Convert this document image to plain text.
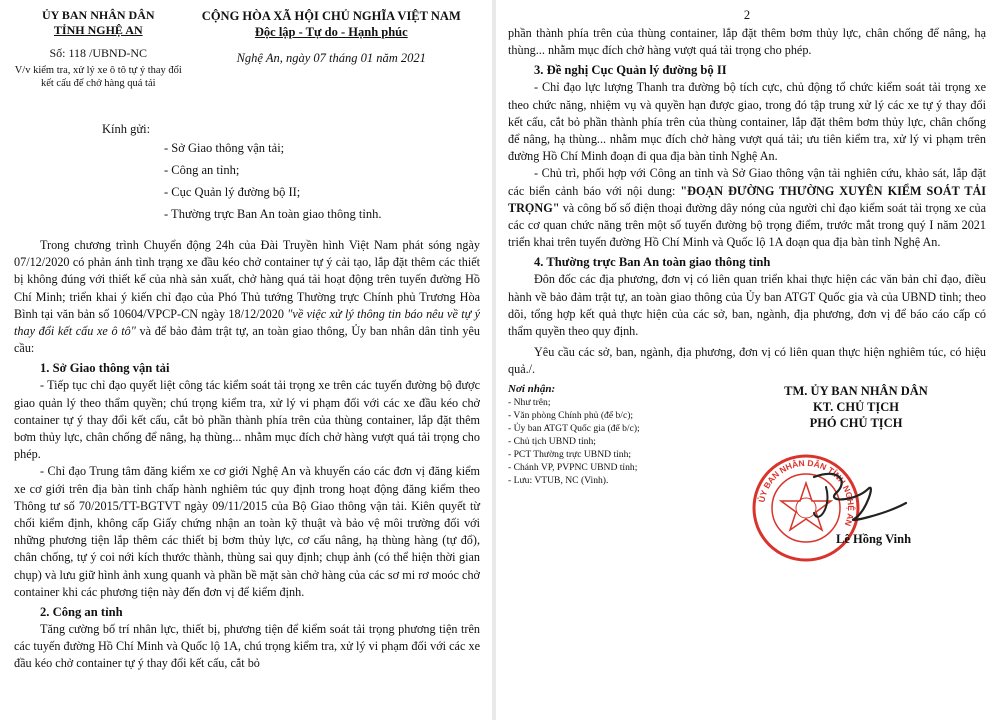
ỦY BAN NHÂN DÂN
TỈNH NGHỆ AN
Số: 118 /UBND-NC
V/v kiểm tra, xử lý xe ô tô tự ý thay đổi kết cấu để chở hàng quá tải
CỘNG HÒA XÃ HỘI CHỦ NGHĨA VIỆT NAM
Độc lập - Tự do - Hạnh phúc
Nghệ An, ngày 07 tháng 01 năm 2021
Kính gửi:
- Sở Giao thông vận tải;
- Công an tỉnh;
- Cục Quản lý đường bộ II;
- Thường trực Ban An toàn giao thông tỉnh.

Trong chương trình Chuyển động 24h của Đài Truyền hình Việt Nam phát sóng ngày 07/12/2020 có phản ánh tình trạng xe đầu kéo chở container tự ý cải tạo, lắp đặt thêm các thiết bị không đúng với thiết kế của nhà sản xuất, chở hàng quá tải hoạt động trên tuyến đường Hồ Chí Minh; triển khai ý kiến chỉ đạo của Phó Thủ tướng Thường trực Chính phủ Trương Hòa Bình tại văn bản số 10604/VPCP-CN ngày 18/12/2020 "về việc xử lý thông tin báo nêu về tự ý thay đổi kết cấu xe ô tô" và để bảo đảm trật tự, an toàn giao thông, Ủy ban nhân dân tỉnh yêu cầu:

1. Sở Giao thông vận tải

- Tiếp tục chỉ đạo quyết liệt công tác kiểm soát tải trọng xe trên các tuyến đường bộ được giao quản lý theo thẩm quyền; chú trọng kiểm tra, xử lý vi phạm đối với các xe đầu kéo chở container tự ý thay đổi kết cấu, cắt bỏ phần thành phía trên của thùng container, lắp đặt thêm bơm thủy lực, chân chống để nâng, hạ thùng... nhằm mục đích chở hàng vượt quá tải trọng cho phép.

- Chỉ đạo Trung tâm đăng kiểm xe cơ giới Nghệ An và khuyến cáo các đơn vị đăng kiểm xe cơ giới trên địa bàn tỉnh chấp hành nghiêm túc quy định trong hoạt động đăng kiểm theo Thông tư số 70/2015/TT-BGTVT ngày 09/11/2015 của Bộ Giao thông vận tải. Kiên quyết từ chối kiểm định, không cấp Giấy chứng nhận an toàn kỹ thuật và bảo vệ môi trường đối với những phương tiện lắp thêm các thiết bị bơm thủy lực, cơ cấu nâng, hạ thùng hàng (tự đổ), chân chống, tự ý coi nới kích thước thành, thùng sai quy định; chụp ảnh (có thể hiện thời gian chụp) và lưu giữ hình ảnh xung quanh và phần bề mặt sàn chở hàng của các sơ mi rơ moóc chở container khi các phương tiện này đến đơn vị để kiểm định.

2. Công an tỉnh

Tăng cường bố trí nhân lực, thiết bị, phương tiện để kiểm soát tải trọng phương tiện trên các tuyến đường Hồ Chí Minh và Quốc lộ 1A, chú trọng kiểm tra, xử lý vi phạm đối với các xe đầu kéo chở container tự ý thay đổi kết cấu, cắt bỏ

2

phần thành phía trên của thùng container, lắp đặt thêm bơm thủy lực, chân chống để nâng, hạ thùng... nhằm mục đích chở hàng vượt quá tải trọng cho phép.

3. Đề nghị Cục Quản lý đường bộ II

- Chỉ đạo lực lượng Thanh tra đường bộ tích cực, chủ động tổ chức kiểm soát tải trọng xe theo chức năng, nhiệm vụ và quyền hạn được giao, trong đó tập trung xử lý các xe tự ý thay đổi kết cấu, cắt bỏ phần thành phía trên của thùng container, lắp đặt thêm bơm thủy lực, chân chống để nâng, hạ thùng... nhằm mục đích chở hàng vượt quá tải; ưu tiên kiểm tra, xử lý vi phạm trên đường Hồ Chí Minh đoạn đi qua địa bàn tỉnh Nghệ An.

- Chủ trì, phối hợp với Công an tỉnh và Sở Giao thông vận tải nghiên cứu, khảo sát, lắp đặt các biển cảnh báo với nội dung: "ĐOẠN ĐƯỜNG THƯỜNG XUYÊN KIỂM SOÁT TẢI TRỌNG" và công bố số điện thoại đường dây nóng của người chỉ đạo kiểm soát tải trọng xe của các cơ quan chức năng trên một số tuyến đường bộ trọng điểm, trước mắt trong quý I năm 2021 triển khai trên tuyến đường Hồ Chí Minh và Quốc lộ 1A đoạn qua địa bàn tỉnh Nghệ An.

4. Thường trực Ban An toàn giao thông tỉnh

Đôn đốc các địa phương, đơn vị có liên quan triển khai thực hiện các văn bản chỉ đạo, điều hành về bảo đảm trật tự, an toàn giao thông của Ủy ban ATGT Quốc gia và của UBND tỉnh; theo dõi, tổng hợp kết quả thực hiện của các sở, ban, ngành, địa phương, đơn vị để báo cáo cấp có thẩm quyền theo quy định.

Yêu cầu các sở, ban, ngành, địa phương, đơn vị có liên quan thực hiện nghiêm túc, có hiệu quả./.

Nơi nhận:
- Như trên;
- Văn phòng Chính phủ (để b/c);
- Ủy ban ATGT Quốc gia (để b/c);
- Chủ tịch UBND tỉnh;
- PCT Thường trực UBND tỉnh;
- Chánh VP, PVPNC UBND tỉnh;
- Lưu: VTUB, NC (Vinh).
TM. ỦY BAN NHÂN DÂN
KT. CHỦ TỊCH
PHÓ CHỦ TỊCH
ỦY BAN NHÂN DÂN TỈNH NGHỆ AN
Lê Hồng Vinh
